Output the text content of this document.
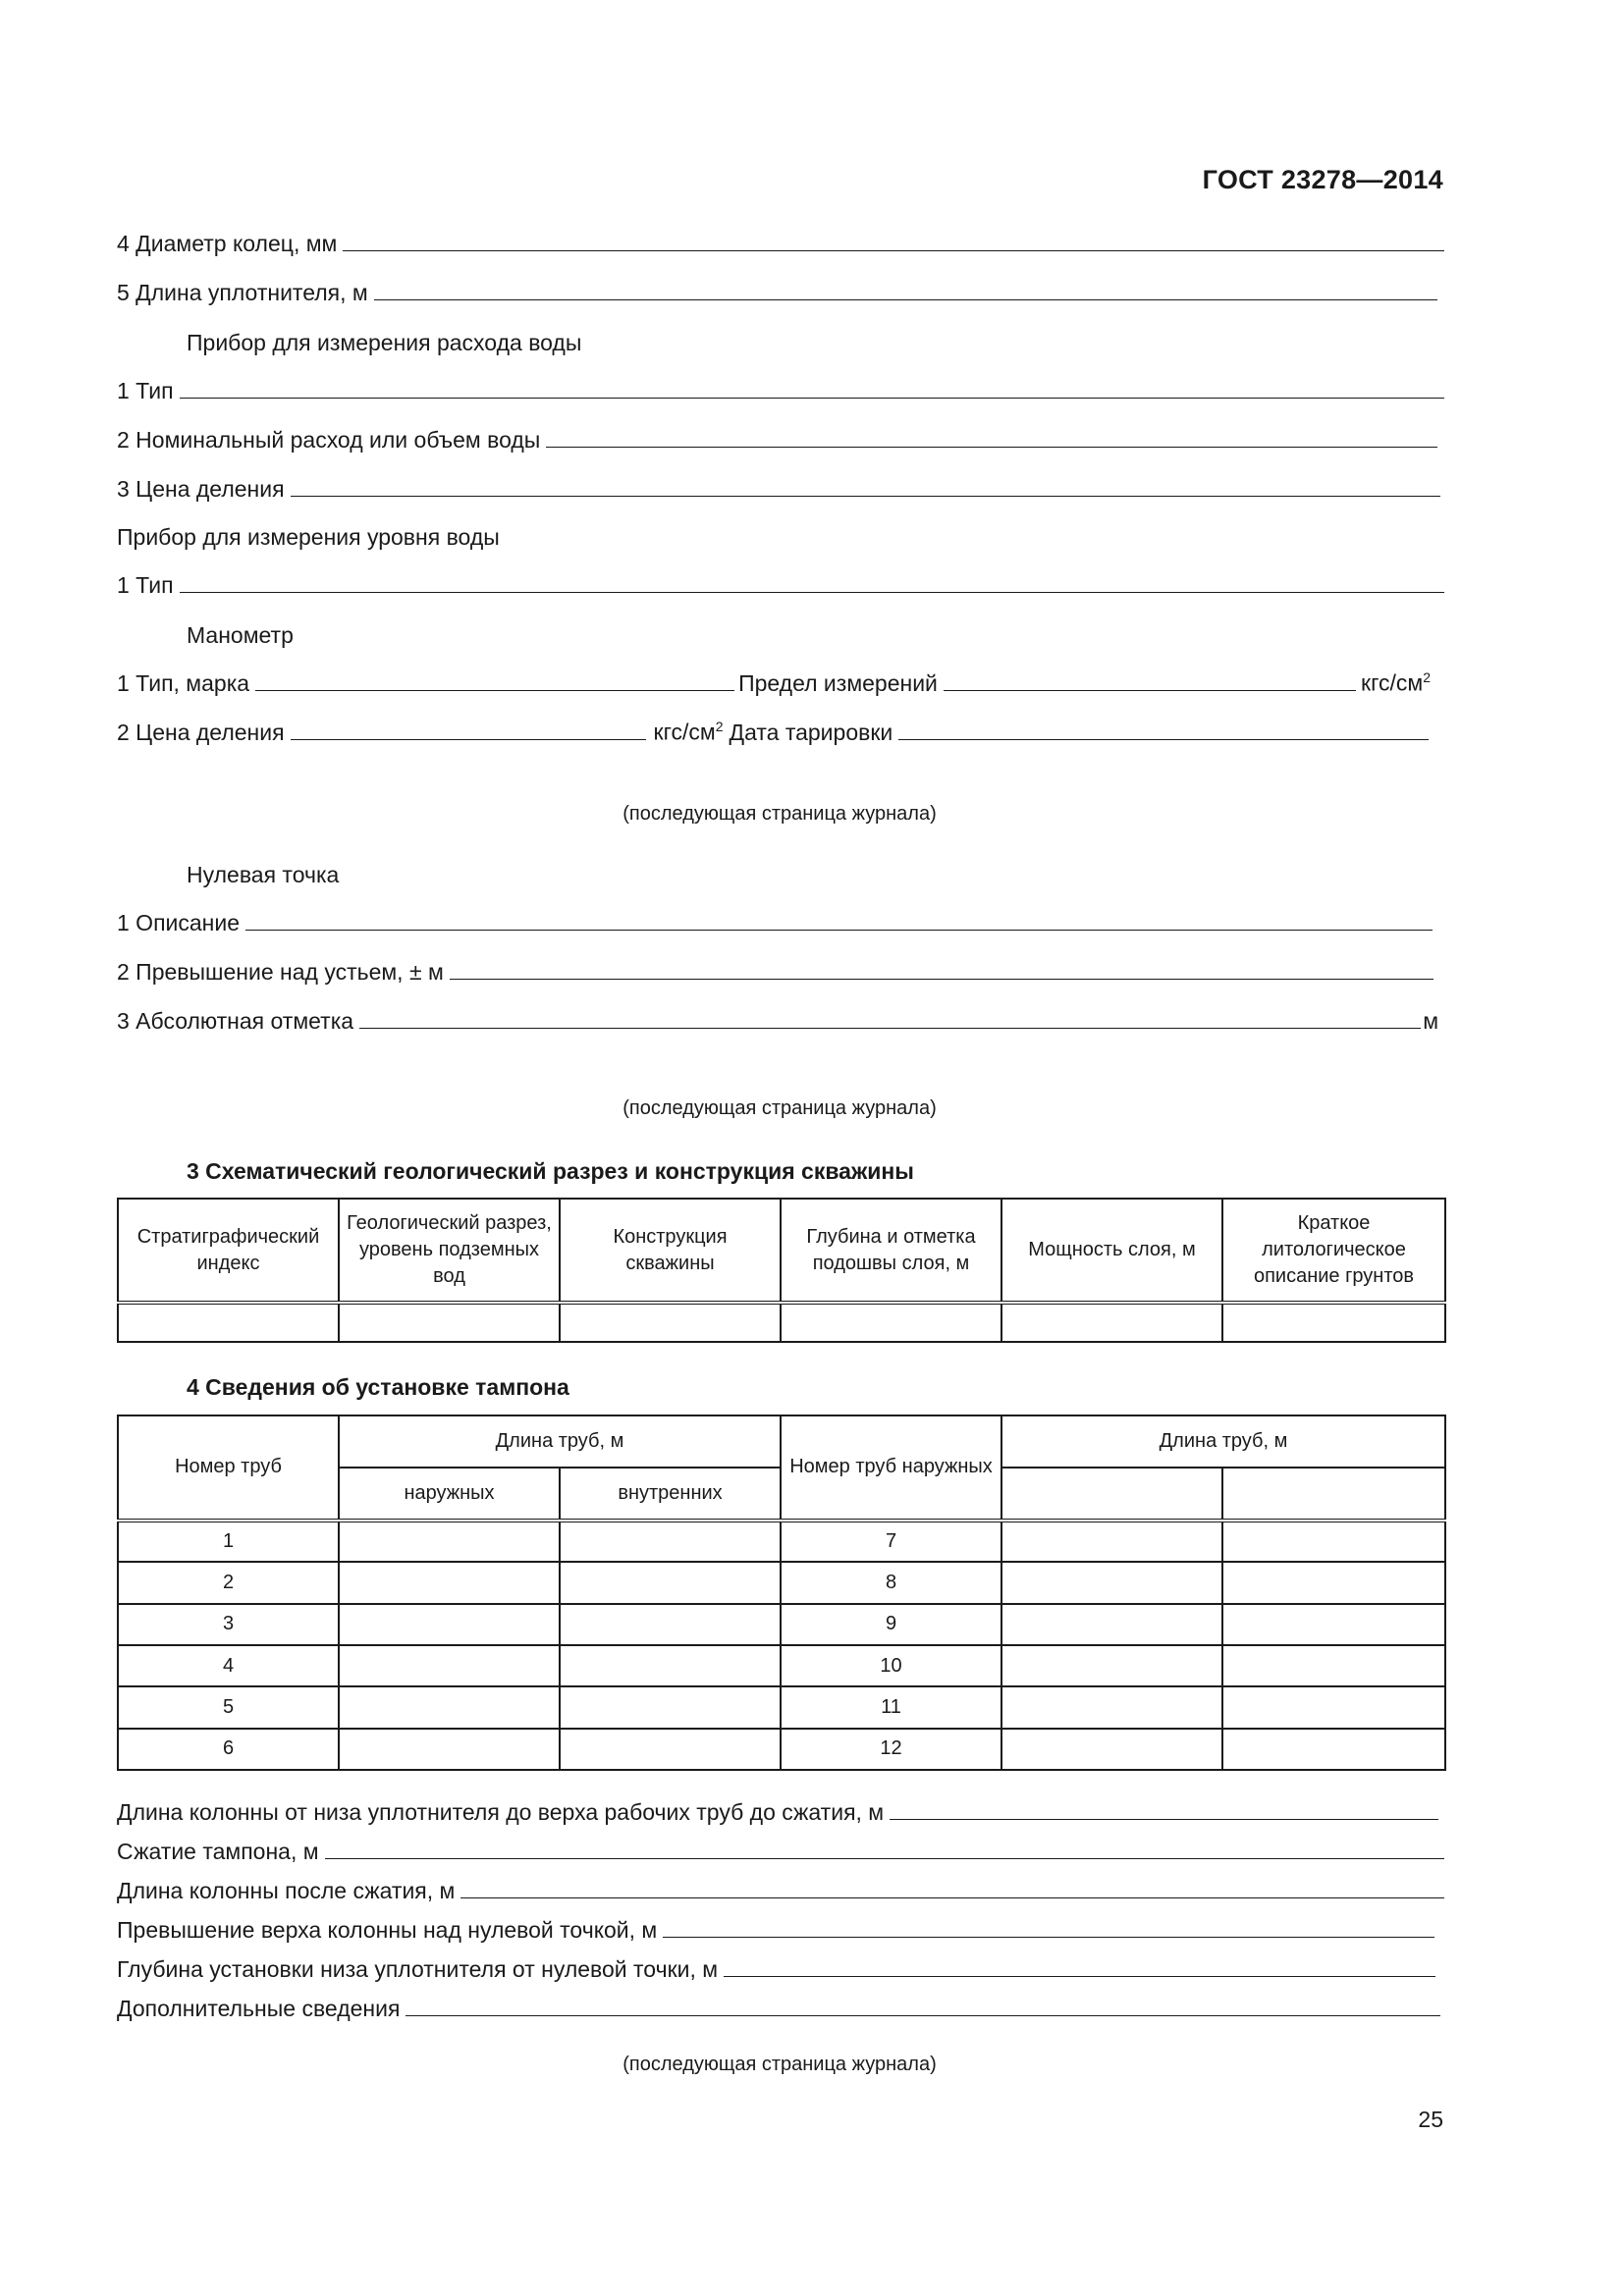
ГОСТ 23278—2014
4 Диаметр колец, мм
5 Длина уплотнителя, м
Прибор для измерения расхода воды
1 Тип
2 Номинальный расход или объем воды
3 Цена деления
Прибор для измерения уровня воды
1 Тип
Манометр
1 Тип, марка	Предел измерений	кгс/$см^2$
2 Цена деления	кгс/$см^2$ Дата тарировки
(последующая страница журнала)
Нулевая точка
1 Описание
2 Превышение над устьем, ± м
3 Абсолютная отметка	м
(последующая страница журнала)
3 Схематический геологический разрез и конструкция скважины
Стратиграфический индекс	Геологический разрез, уровень подземных вод	Конструкция скважины	Глубина и отметка подошвы слоя, м	Мощность слоя, м	Краткое литологическое описание грунтов

4 Сведения об установке тампона
Номер труб	Длина труб, м		Номер труб наружных	Длина труб, м	
	наружных	внутренних			
1			7		
2			8		
3			9		
4			10		
5			11		
6			12		
Длина колонны от низа уплотнителя до верха рабочих труб до сжатия, м
Сжатие тампона, м
Длина колонны после сжатия, м
Превышение верха колонны над нулевой точкой, м
Глубина установки низа уплотнителя от нулевой точки, м
Дополнительные сведения
(последующая страница журнала)
25
